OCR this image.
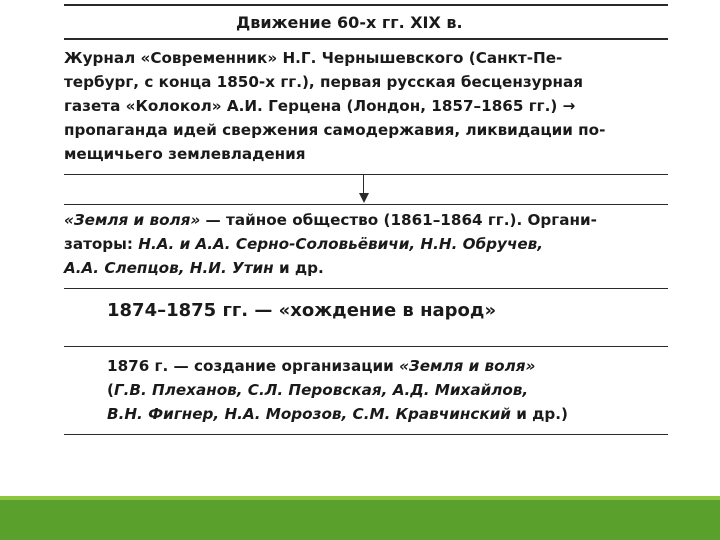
Движение 60-х гг. XIX в.
Журнал «Современник» Н.Г. Чернышевского (Санкт-Пе-
тербург, с конца 1850-х гг.), первая русская бесцензурная
газета «Колокол» А.И. Герцена (Лондон, 1857–1865 гг.) →
пропаганда идей свержения самодержавия, ликвидации по-
мещичьего землевладения
«Земля и воля» — тайное общество (1861–1864 гг.). Органи-
заторы: Н.А. и А.А. Серно-Соловьёвичи, Н.Н. Обручев,
А.А. Слепцов, Н.И. Утин и др.
1874–1875 гг. — «хождение в народ»
1876 г. — создание организации «Земля и воля»
(Г.В. Плеханов, С.Л. Перовская, А.Д. Михайлов,
В.Н. Фигнер, Н.А. Морозов, С.М. Кравчинский и др.)
